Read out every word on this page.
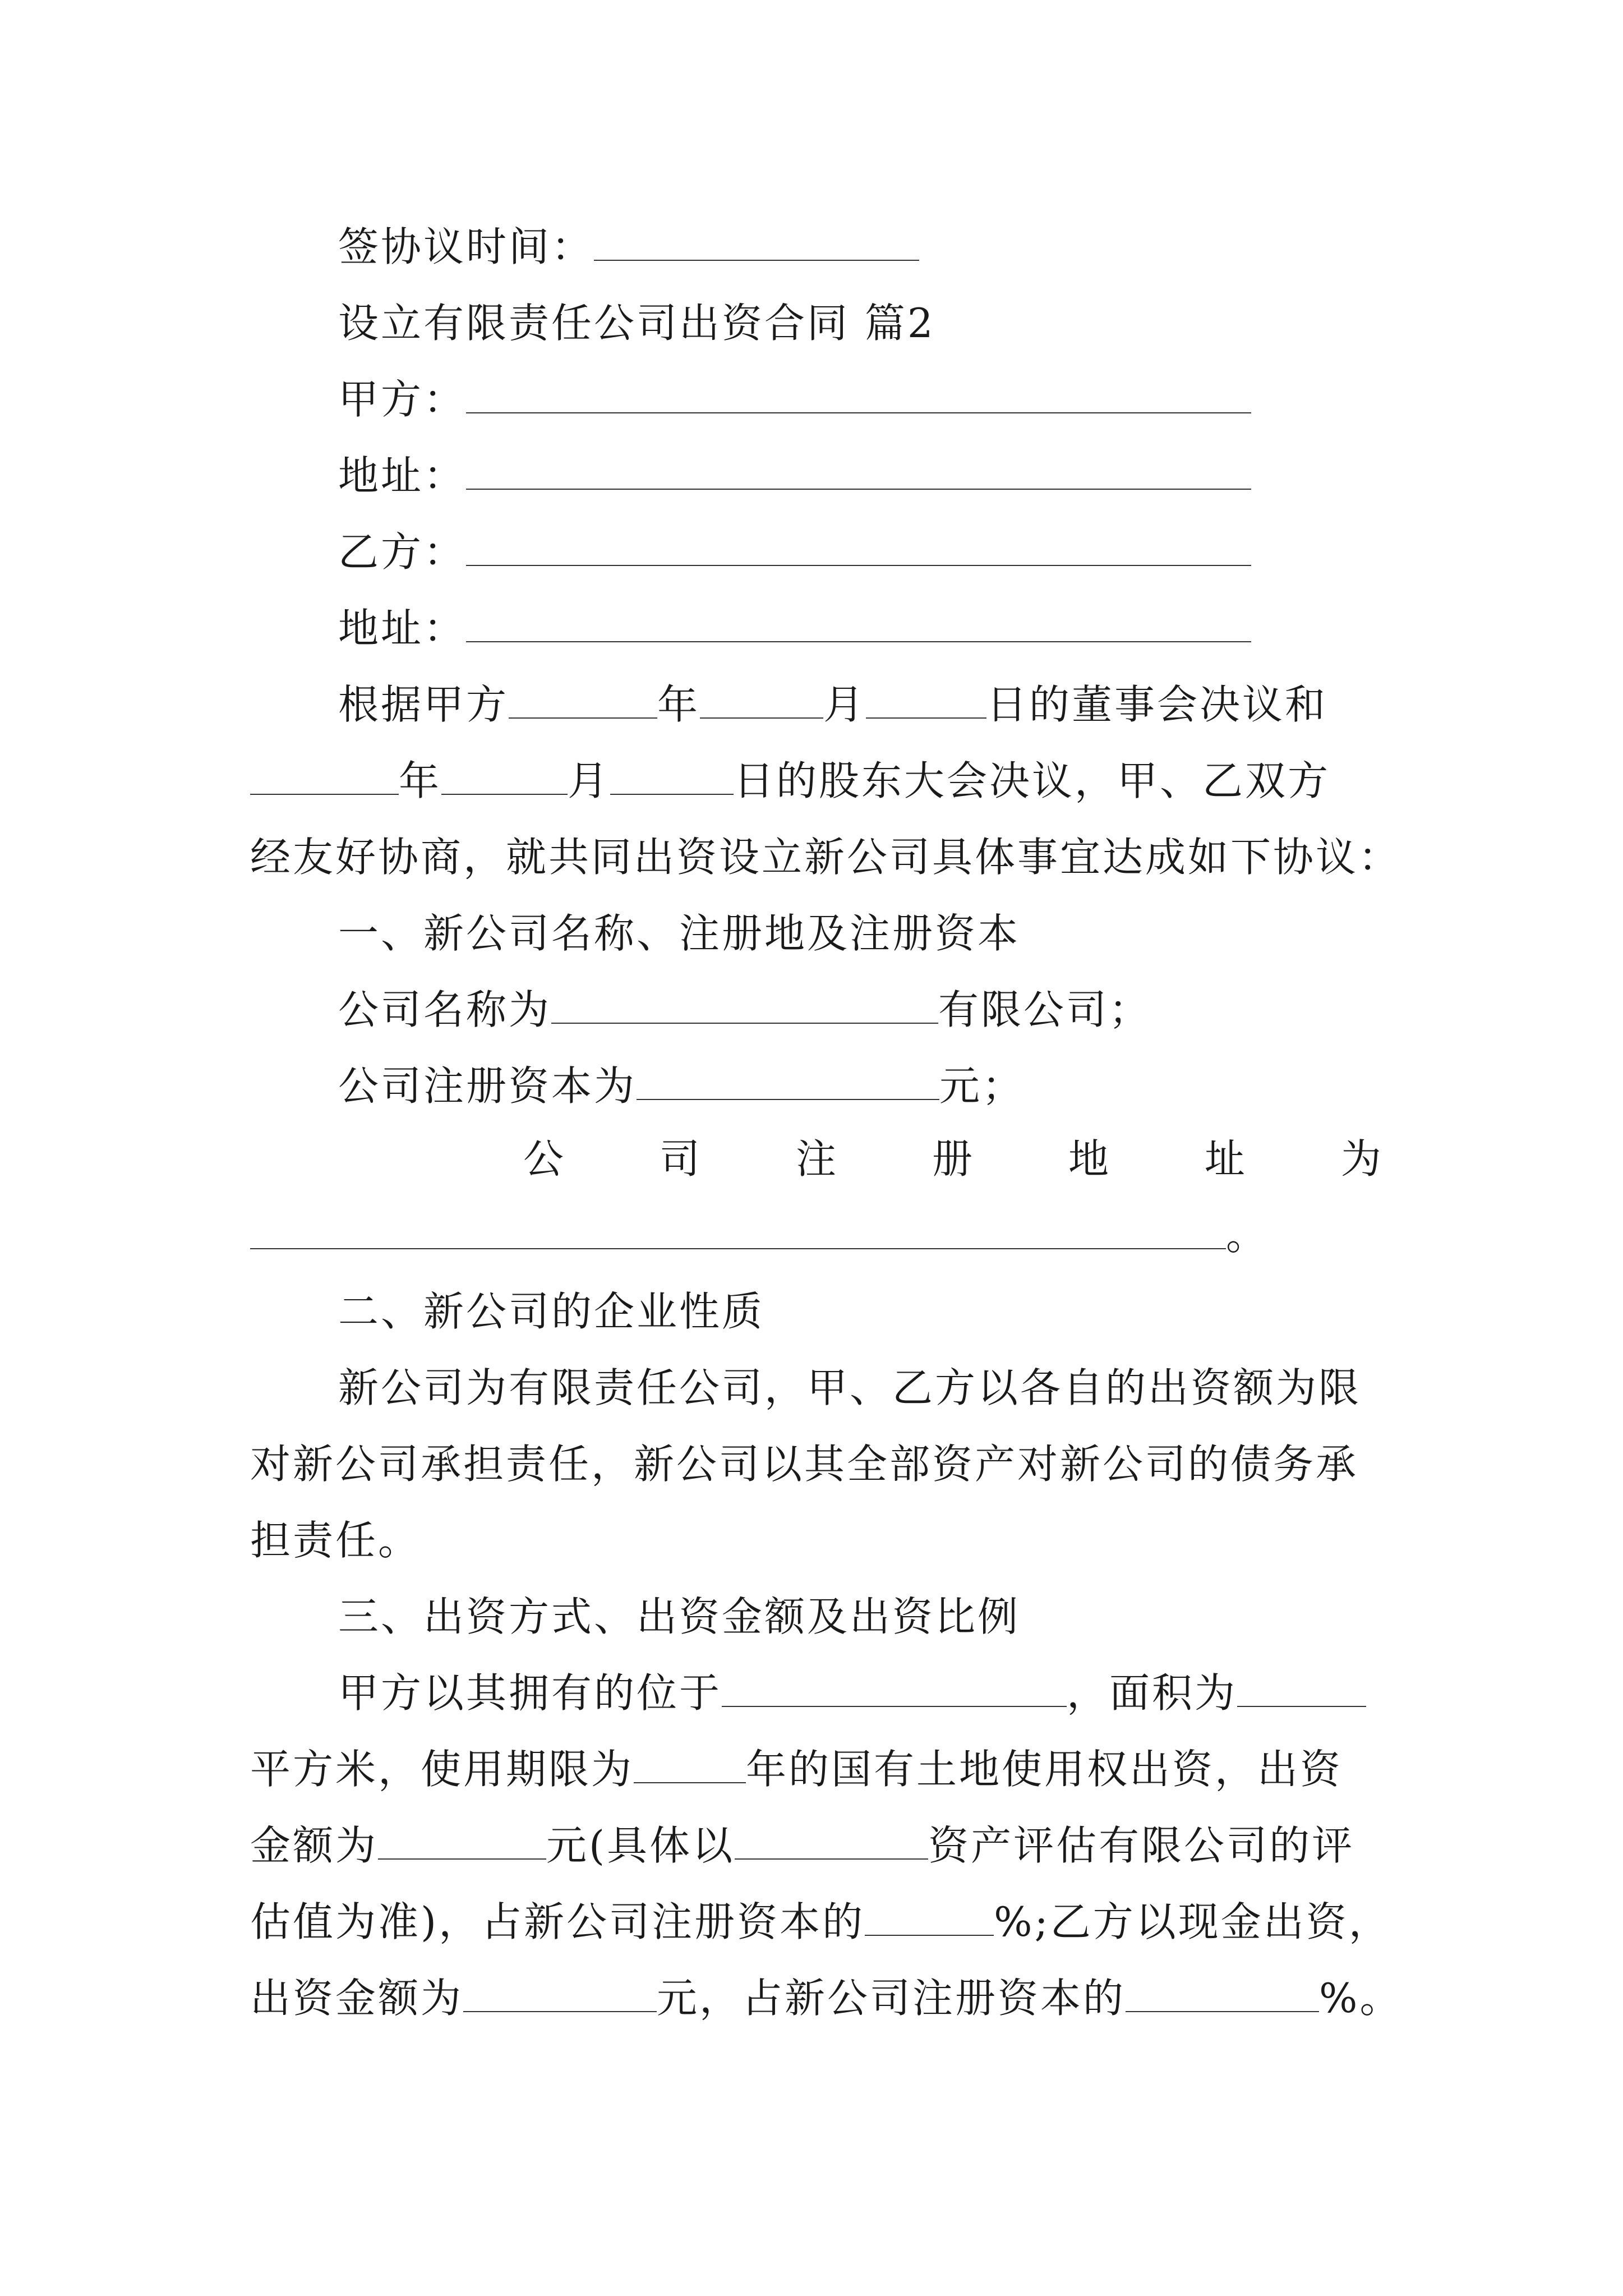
签协议时间：
设立有限责任公司出资合同 篇2
甲方：
地址：
乙方：
地址：
根据甲方	年	月	日的董事会决议和
年	月	日的股东大会决议，甲、乙双方
经友好协商，就共同出资设立新公司具体事宜达成如下协议：
一、新公司名称、注册地及注册资本
公司名称为	有限公司；
公司注册资本为	元；
公 司 注 册 地 址 为
。
二、新公司的企业性质
新公司为有限责任公司，甲、乙方以各自的出资额为限
对新公司承担责任，新公司以其全部资产对新公司的债务承
担责任。
三、出资方式、出资金额及出资比例
甲方以其拥有的位于	，面积为
平方米，使用期限为	年的国有土地使用权出资，出资
金额为	元(具体以	资产评估有限公司的评
估值为准)，占新公司注册资本的	%;乙方以现金出资，
出资金额为	元，占新公司注册资本的	%。
